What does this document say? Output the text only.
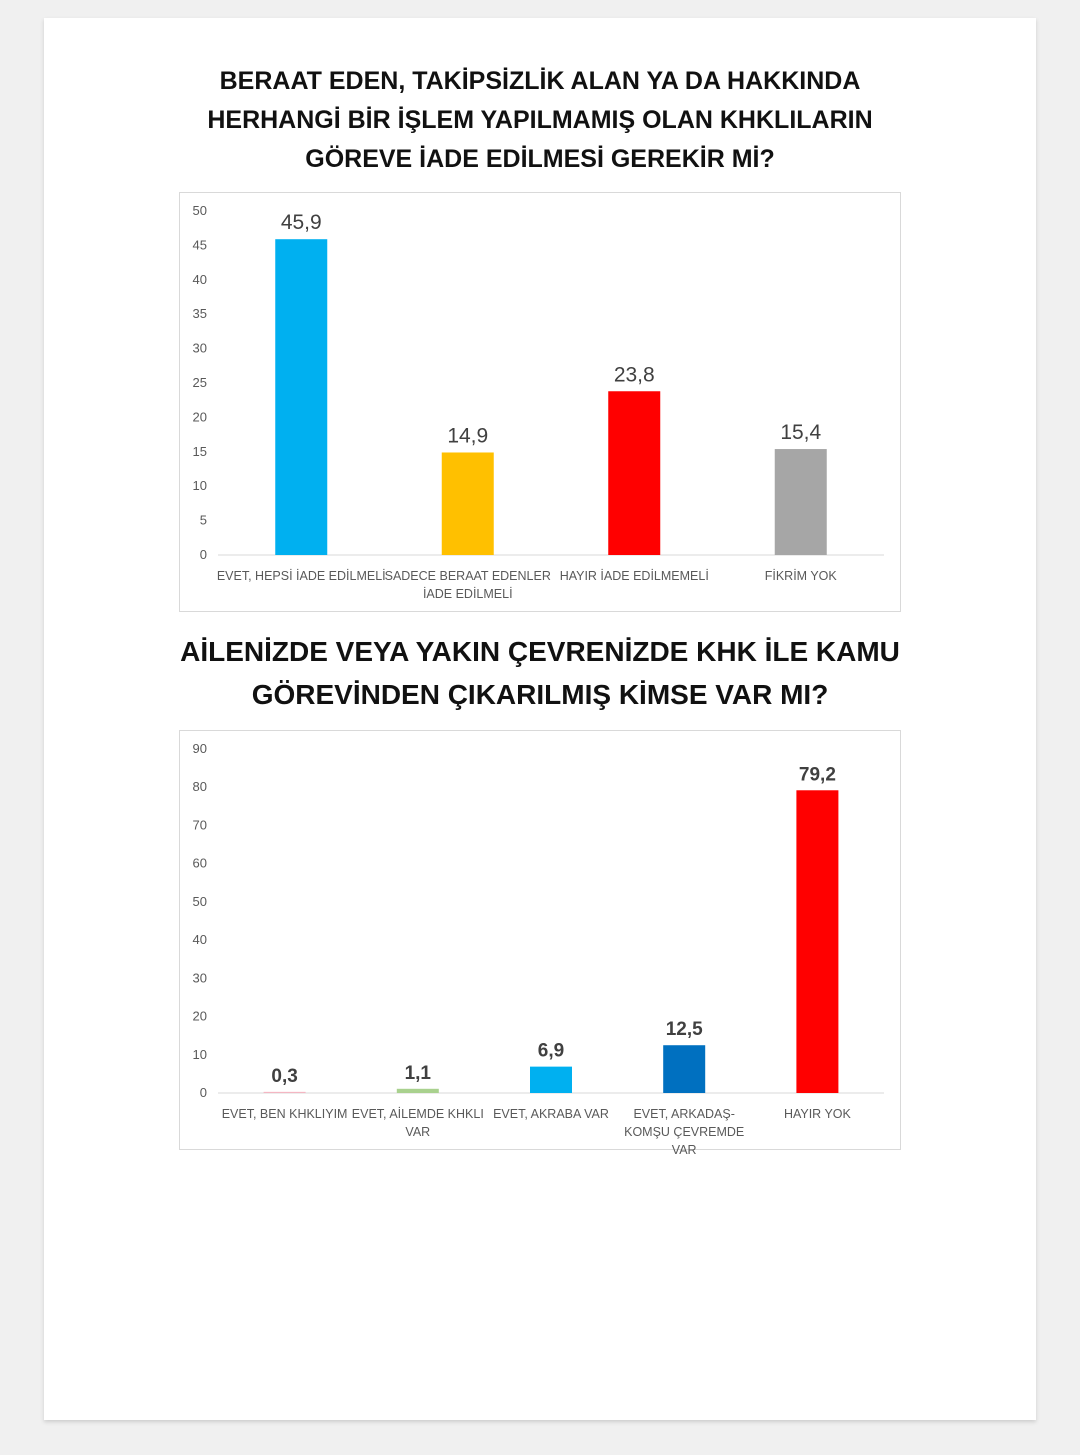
BERAAT EDEN, TAKİPSİZLİK ALAN YA DA HAKKINDA
HERHANGİ BİR İŞLEM YAPILMAMIŞ OLAN KHKLILARIN
GÖREVE İADE EDİLMESİ GEREKİR Mİ?
0
5
10
15
20
25
30
35
40
45
50
45,9
EVET, HEPSİ İADE EDİLMELİ
14,9
SADECE BERAAT EDENLER
İADE EDİLMELİ
23,8
HAYIR İADE EDİLMEMELİ
15,4
FİKRİM YOK
AİLENİZDE VEYA YAKIN ÇEVRENİZDE KHK İLE KAMU
GÖREVİNDEN ÇIKARILMIŞ KİMSE VAR MI?
0
10
20
30
40
50
60
70
80
90
0,3
EVET, BEN KHKLIYIM
1,1
EVET, AİLEMDE KHKLI
VAR
6,9
EVET, AKRABA VAR
12,5
EVET, ARKADAŞ-
KOMŞU ÇEVREMDE
VAR
79,2
HAYIR YOK
